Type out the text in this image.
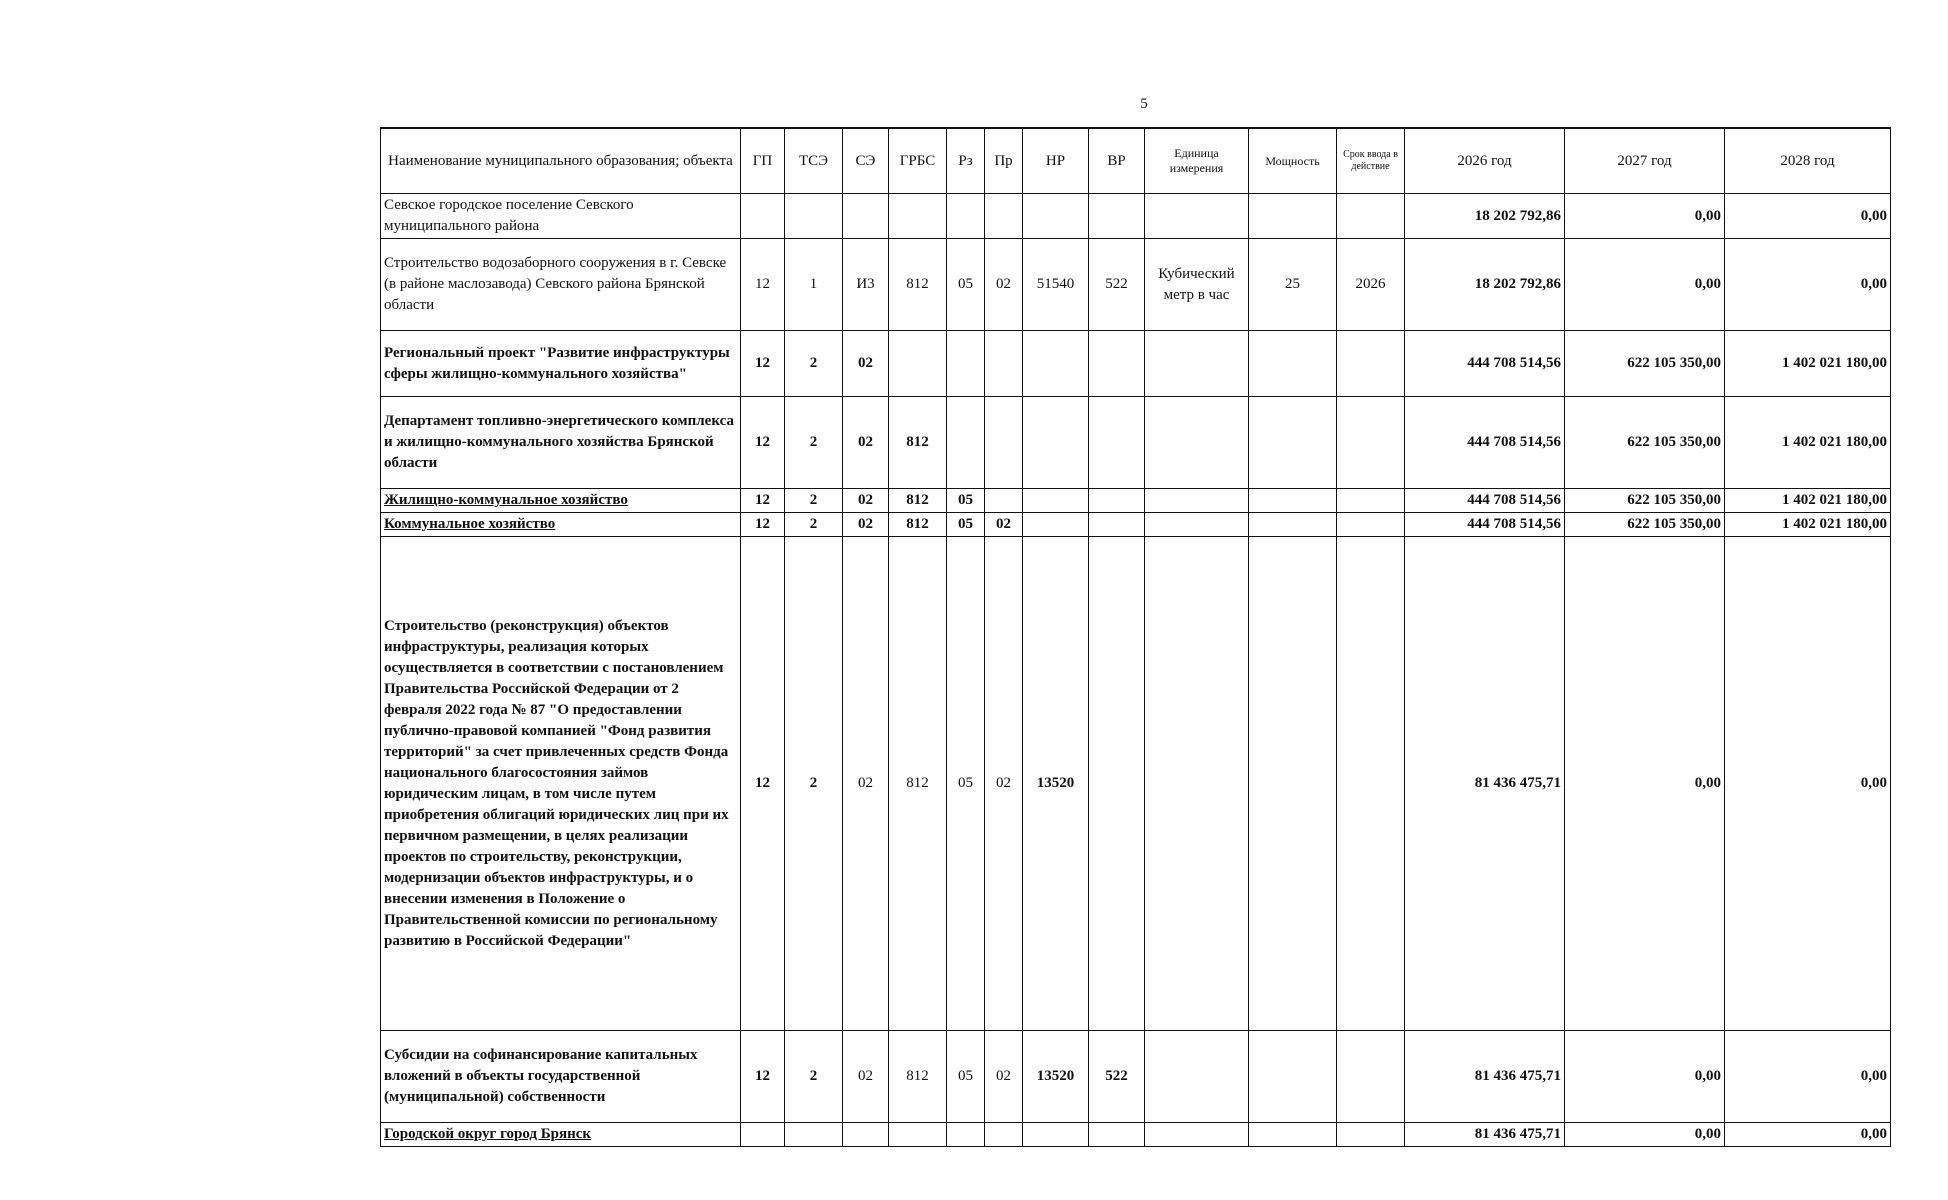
5
Наименование муниципального образования; объекта	ГП	ТСЭ	СЭ	ГРБС	Рз	Пр	НР	ВР	Единица измерения	Мощность	Срок ввода в действие	2026 год	2027 год	2028 год
Севское городское поселение Севского муниципального района												18 202 792,86	0,00	0,00
Строительство водозаборного сооружения в г. Севске (в районе маслозавода) Севского района Брянской области	12	1	И3	812	05	02	51540	522	Кубический метр в час	25	2026	18 202 792,86	0,00	0,00
Региональный проект "Развитие инфраструктуры сферы жилищно-коммунального хозяйства"	12	2	02									444 708 514,56	622 105 350,00	1 402 021 180,00
Департамент топливно-энергетического комплекса и жилищно-коммунального хозяйства Брянской области	12	2	02	812								444 708 514,56	622 105 350,00	1 402 021 180,00
Жилищно-коммунальное хозяйство	12	2	02	812	05							444 708 514,56	622 105 350,00	1 402 021 180,00
Коммунальное хозяйство	12	2	02	812	05	02						444 708 514,56	622 105 350,00	1 402 021 180,00
Строительство (реконструкция) объектов инфраструктуры, реализация которых осуществляется в соответствии с постановлением Правительства Российской Федерации от 2 февраля 2022 года № 87 "О предоставлении публично-правовой компанией "Фонд развития территорий" за счет привлеченных средств Фонда национального благосостояния займов юридическим лицам, в том числе путем приобретения облигаций юридических лиц при их первичном размещении, в целях реализации проектов по строительству, реконструкции, модернизации объектов инфраструктуры, и о внесении изменения в Положение о Правительственной комиссии по региональному развитию в Российской Федерации"	12	2	02	812	05	02	13520					81 436 475,71	0,00	0,00
Субсидии на софинансирование капитальных вложений в объекты государственной (муниципальной) собственности	12	2	02	812	05	02	13520	522				81 436 475,71	0,00	0,00
Городской округ город Брянск												81 436 475,71	0,00	0,00
